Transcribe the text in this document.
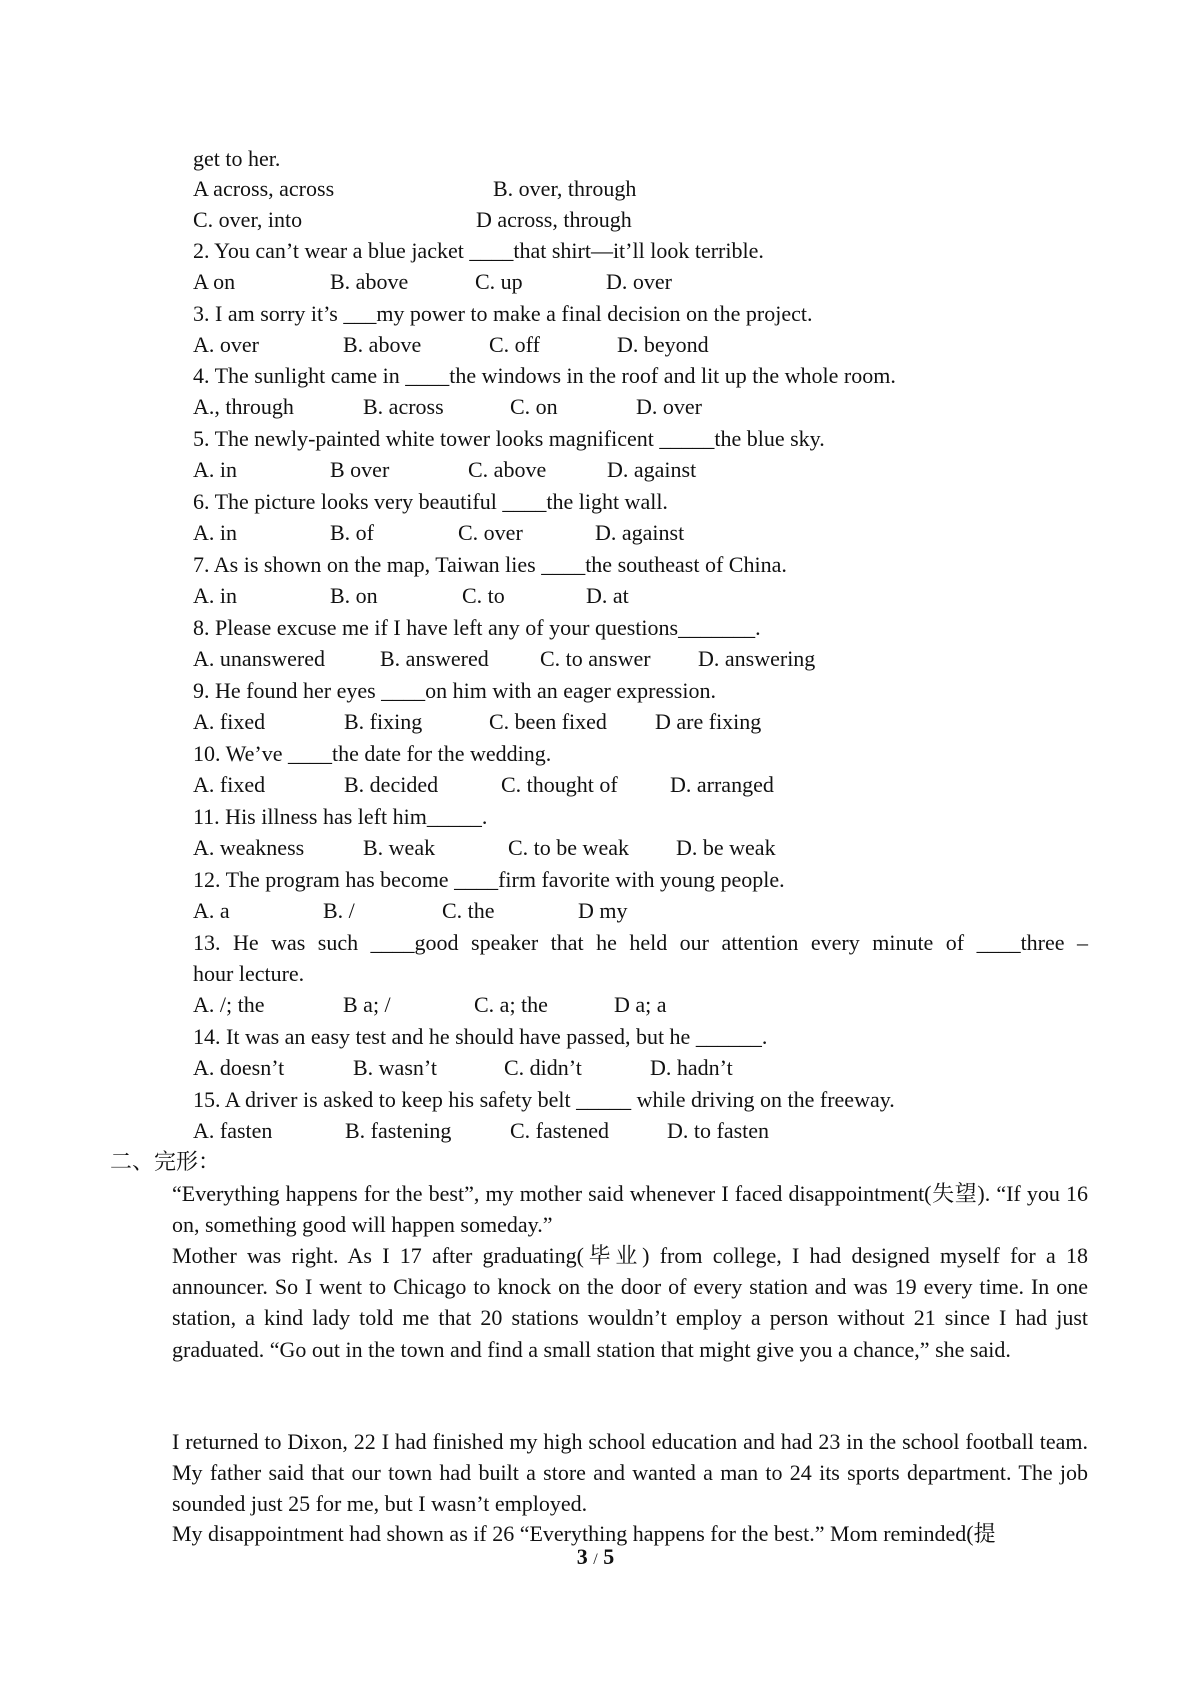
get to her.
A across, across	B. over, through
C. over, into	D across, through
2. You can’t wear a blue jacket ____that shirt—it’ll look terrible.
A on	B. above	C. up	D. over
3. I am sorry it’s ___my power to make a final decision on the project.
A. over	B. above	C. off	D. beyond
4. The sunlight came in ____the windows in the roof and lit up the whole room.
A., through	B. across	C. on	D. over
5. The newly-painted white tower looks magnificent _____the blue sky.
A. in	B over	C. above	D. against
6. The picture looks very beautiful ____the light wall.
A. in	B. of	C. over	D. against
7. As is shown on the map, Taiwan lies ____the southeast of China.
A. in	B. on	C. to	D. at
8. Please excuse me if I have left any of your questions_______.
A. unanswered	B. answered C. to answer D. answering
9. He found her eyes ____on him with an eager expression.
A. fixed	B. fixing	C. been fixed D are fixing
10. We’ve ____the date for the wedding.
A. fixed	B. decided	C. thought of D. arranged
11. His illness has left him_____.
A. weakness	B. weak	C. to be weak D. be weak
12. The program has become ____firm favorite with young people.
A. a	B. /	C. the	D my
13. He was such ____good speaker that he held our attention every minute of ____three –
hour lecture.
A. /; the	B a; /	C. a; the	D a; a
14. It was an easy test and he should have passed, but he ______.
A. doesn’t	B. wasn’t	C. didn’t	D. hadn’t
15. A driver is asked to keep his safety belt _____ while driving on the freeway.
A. fasten	B. fastening	C. fastened	D. to fasten
二、完形：
“Everything happens for the best”, my mother said whenever I faced disappointment(失望). “If you 16 on, something good will happen someday.”
Mother was right. As I 17 after graduating(毕业) from college, I had designed myself for a 18 announcer. So I went to Chicago to knock on the door of every station and was 19 every time. In one station, a kind lady told me that 20 stations wouldn’t employ a person without 21 since I had just graduated. “Go out in the town and find a small station that might give you a chance,” she said.
I returned to Dixon, 22 I had finished my high school education and had 23 in the school football team. My father said that our town had built a store and wanted a man to 24 its sports department. The job sounded just 25 for me, but I wasn’t employed.
My disappointment had shown as if 26 “Everything happens for the best.” Mom reminded(提
3 / 5
